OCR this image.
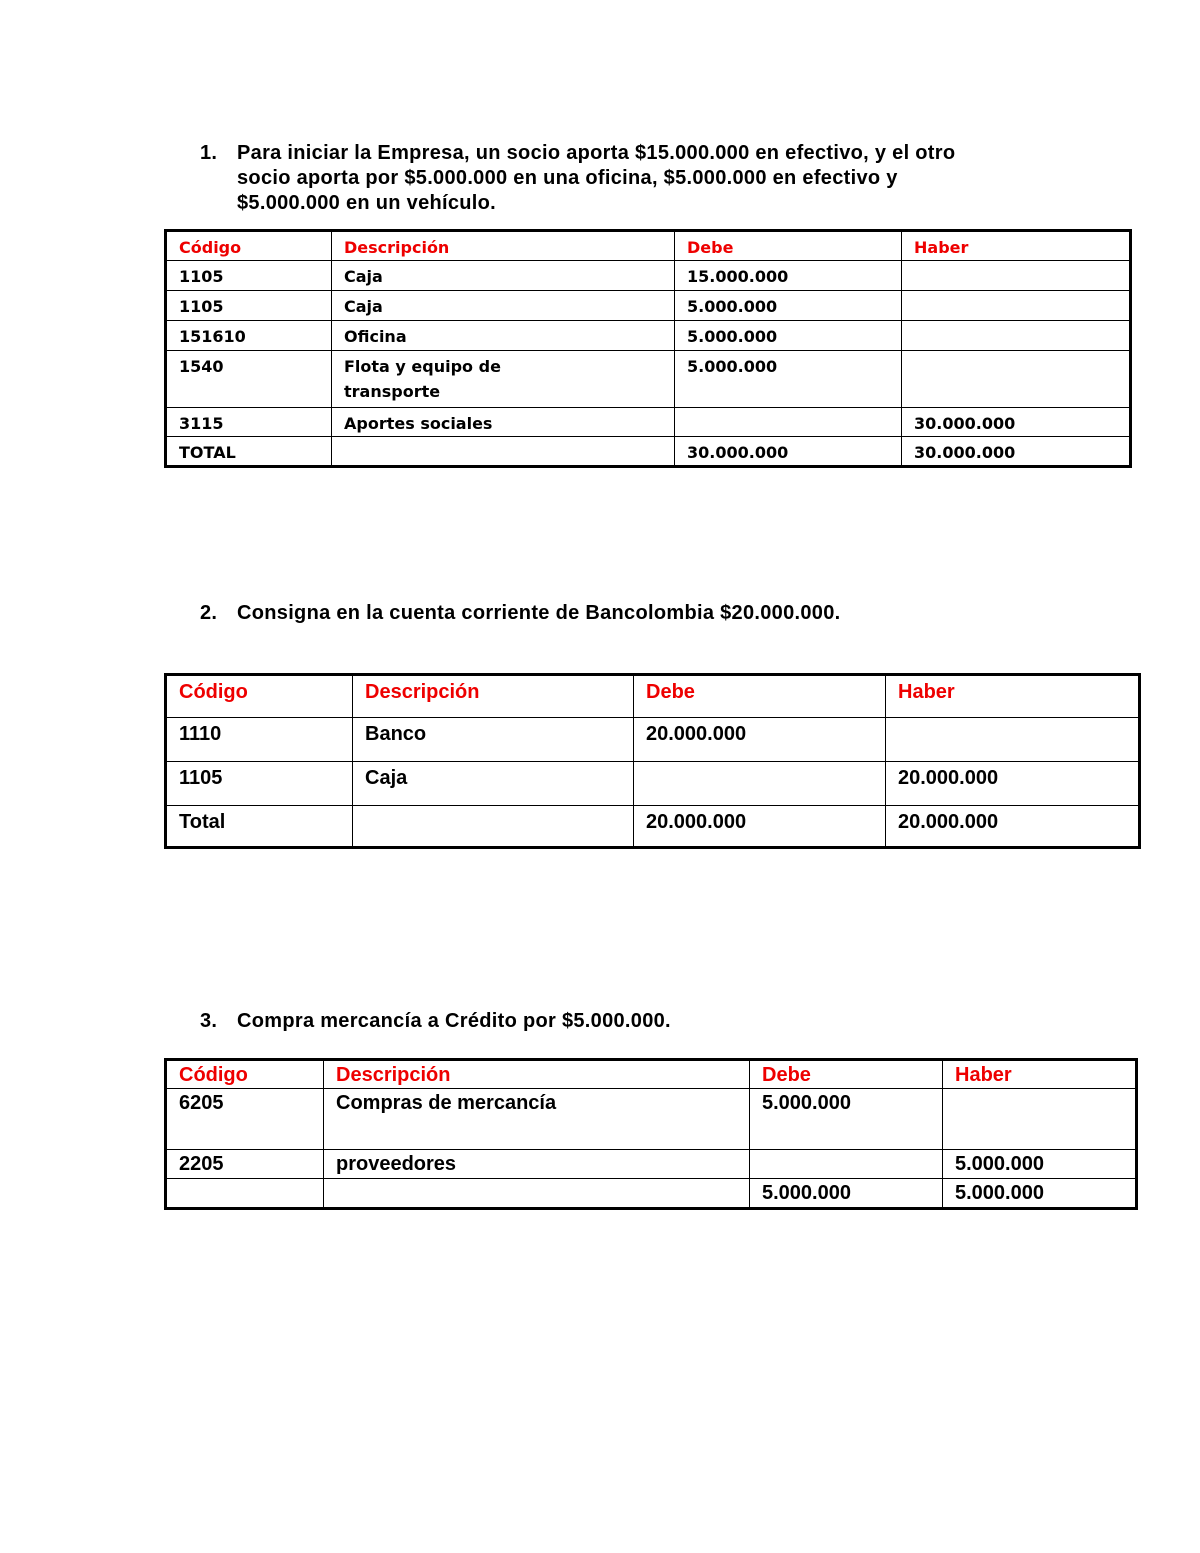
1. Para iniciar la Empresa, un socio aporta $15.000.000 en efectivo, y el otro
socio aporta por $5.000.000 en una oficina, $5.000.000 en efectivo y
$5.000.000 en un vehículo.
Código	Descripción	Debe	Haber
1105	Caja	15.000.000	
1105	Caja	5.000.000	
151610	Oficina	5.000.000	
1540	Flota y equipo de transporte	5.000.000	
3115	Aportes sociales		30.000.000
TOTAL		30.000.000	30.000.000
2. Consigna en la cuenta corriente de Bancolombia $20.000.000.
Código	Descripción	Debe	Haber
1110	Banco	20.000.000	
1105	Caja		20.000.000
Total		20.000.000	20.000.000
3. Compra mercancía a Crédito por $5.000.000.
Código	Descripción	Debe	Haber
6205	Compras de mercancía	5.000.000	
2205	proveedores		5.000.000
		5.000.000	5.000.000
